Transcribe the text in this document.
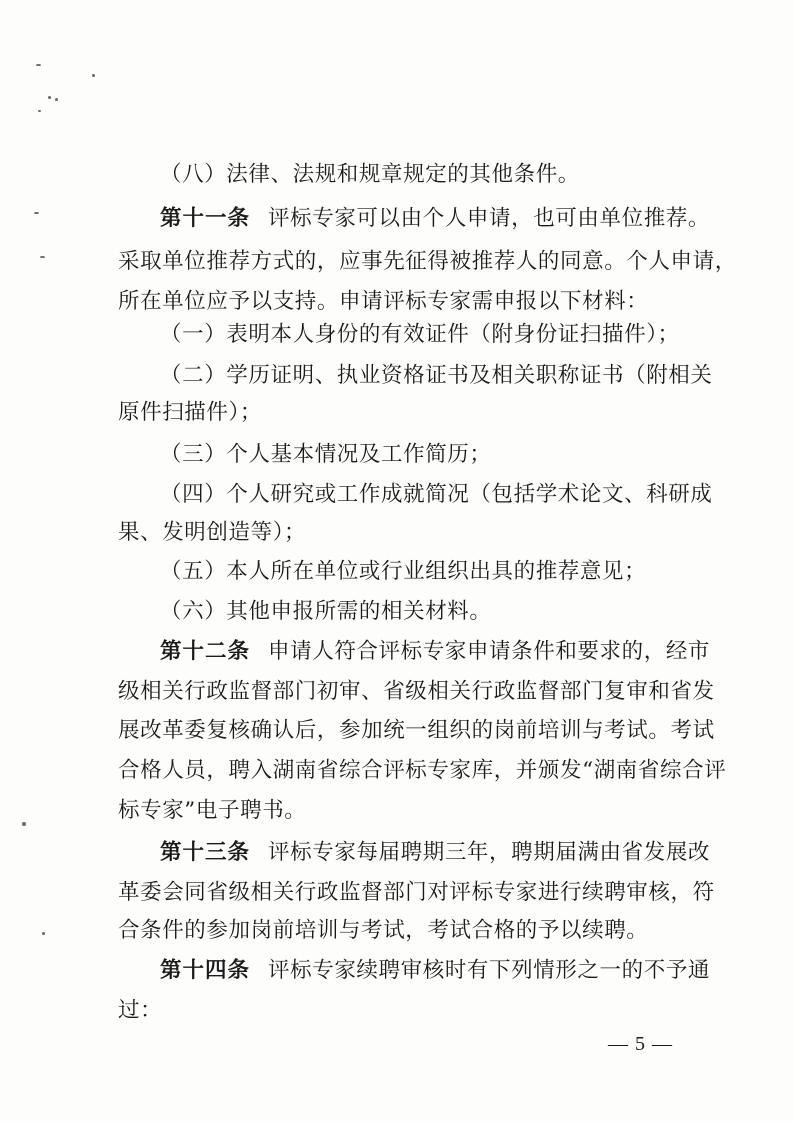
（八）法律、法规和规章规定的其他条件。
第十一条 评标专家可以由个人申请，也可由单位推荐。
采取单位推荐方式的，应事先征得被推荐人的同意。个人申请，
所在单位应予以支持。申请评标专家需申报以下材料：
（一）表明本人身份的有效证件（附身份证扫描件）；
（二）学历证明、执业资格证书及相关职称证书（附相关
原件扫描件）；
（三）个人基本情况及工作简历；
（四）个人研究或工作成就简况（包括学术论文、科研成
果、发明创造等）；
（五）本人所在单位或行业组织出具的推荐意见；
（六）其他申报所需的相关材料。
第十二条 申请人符合评标专家申请条件和要求的，经市
级相关行政监督部门初审、省级相关行政监督部门复审和省发
展改革委复核确认后，参加统一组织的岗前培训与考试。考试
合格人员，聘入湖南省综合评标专家库，并颁发“湖南省综合评
标专家”电子聘书。
第十三条 评标专家每届聘期三年，聘期届满由省发展改
革委会同省级相关行政监督部门对评标专家进行续聘审核，符
合条件的参加岗前培训与考试，考试合格的予以续聘。
第十四条 评标专家续聘审核时有下列情形之一的不予通
过：
— 5 —
